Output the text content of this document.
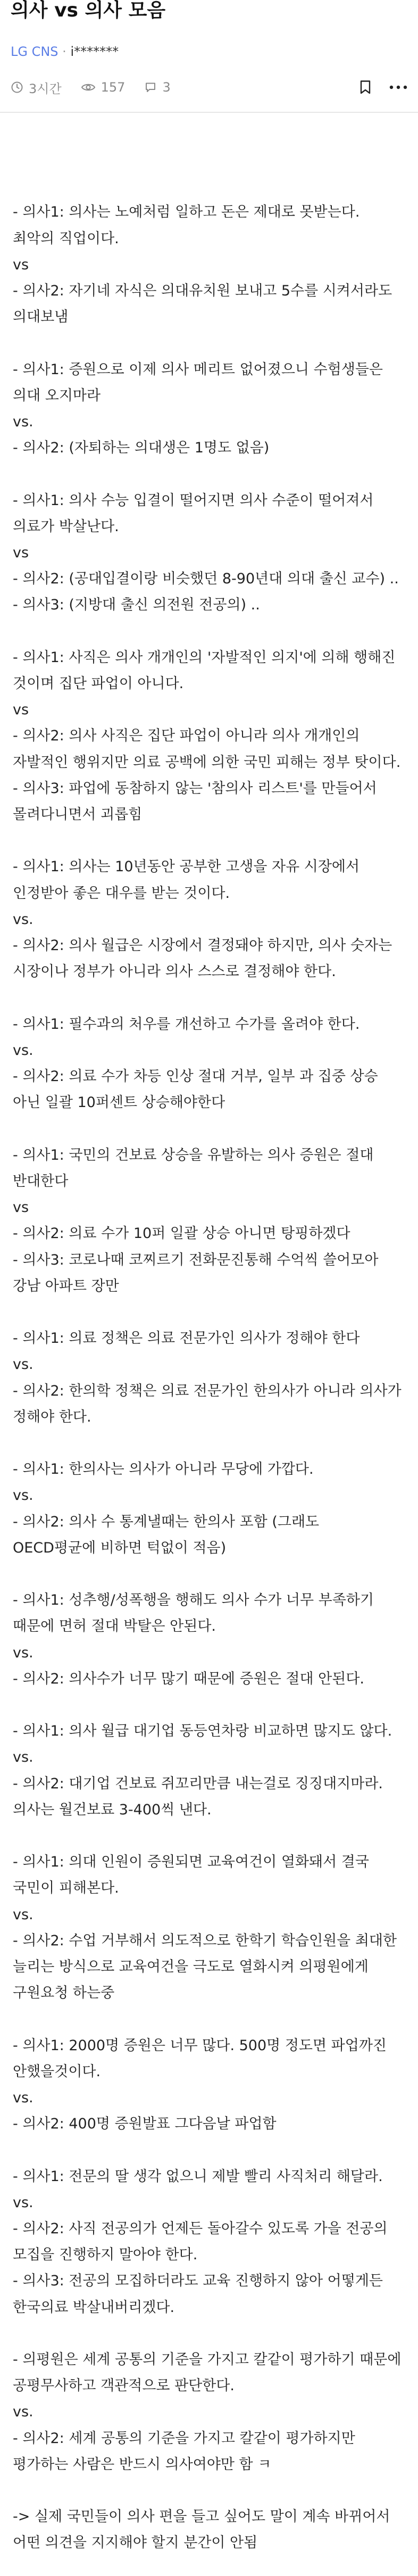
의사 vs 의사 모음
LG CNS · i*******
3시간	157	3

- 의사1: 의사는 노예처럼 일하고 돈은 제대로 못받는다.
최악의 직업이다.
vs
- 의사2: 자기네 자식은 의대유치원 보내고 5수를 시켜서라도 의대보냄

- 의사1: 증원으로 이제 의사 메리트 없어졌으니 수험생들은 의대 오지마라
vs.
- 의사2: (자퇴하는 의대생은 1명도 없음)

- 의사1: 의사 수능 입결이 떨어지면 의사 수준이 떨어져서 의료가 박살난다.
vs
- 의사2: (공대입결이랑 비슷했던 8-90년대 의대 출신 교수) ..
- 의사3: (지방대 출신 의전원 전공의) ..

- 의사1: 사직은 의사 개개인의 '자발적인 의지'에 의해 행해진 것이며 집단 파업이 아니다.
vs
- 의사2: 의사 사직은 집단 파업이 아니라 의사 개개인의 자발적인 행위지만 의료 공백에 의한 국민 피해는 정부 탓이다.
- 의사3: 파업에 동참하지 않는 '참의사 리스트'를 만들어서 몰려다니면서 괴롭힘

- 의사1: 의사는 10년동안 공부한 고생을 자유 시장에서 인정받아 좋은 대우를 받는 것이다.
vs.
- 의사2: 의사 월급은 시장에서 결정돼야 하지만, 의사 숫자는 시장이나 정부가 아니라 의사 스스로 결정해야 한다.

- 의사1: 필수과의 처우를 개선하고 수가를 올려야 한다.
vs.
- 의사2: 의료 수가 차등 인상 절대 거부, 일부 과 집중 상승 아닌 일괄 10퍼센트 상승해야한다

- 의사1: 국민의 건보료 상승을 유발하는 의사 증원은 절대 반대한다
vs
- 의사2: 의료 수가 10퍼 일괄 상승 아니면 탕핑하겠다
- 의사3: 코로나때 코찌르기 전화문진통해 수억씩 쓸어모아 강남 아파트 장만

- 의사1: 의료 정책은 의료 전문가인 의사가 정해야 한다
vs.
- 의사2: 한의학 정책은 의료 전문가인 한의사가 아니라 의사가 정해야 한다.

- 의사1: 한의사는 의사가 아니라 무당에 가깝다.
vs.
- 의사2: 의사 수 통계낼때는 한의사 포함 (그래도 OECD평균에 비하면 턱없이 적음)

- 의사1: 성추행/성폭행을 행해도 의사 수가 너무 부족하기 때문에 면허 절대 박탈은 안된다.
vs.
- 의사2: 의사수가 너무 많기 때문에 증원은 절대 안된다.

- 의사1: 의사 월급 대기업 동등연차랑 비교하면 많지도 않다.
vs.
- 의사2: 대기업 건보료 쥐꼬리만큼 내는걸로 징징대지마라. 의사는 월건보료 3-400씩 낸다.

- 의사1: 의대 인원이 증원되면 교육여건이 열화돼서 결국 국민이 피해본다.
vs.
- 의사2: 수업 거부해서 의도적으로 한학기 학습인원을 최대한 늘리는 방식으로 교육여건을 극도로 열화시켜 의평원에게 구원요청 하는중

- 의사1: 2000명 증원은 너무 많다. 500명 정도면 파업까진 안했을것이다.
vs.
- 의사2: 400명 증원발표 그다음날 파업함

- 의사1: 전문의 딸 생각 없으니 제발 빨리 사직처리 해달라.
vs.
- 의사2: 사직 전공의가 언제든 돌아갈수 있도록 가을 전공의 모집을 진행하지 말아야 한다.
- 의사3: 전공의 모집하더라도 교육 진행하지 않아 어떻게든 한국의료 박살내버리겠다.

- 의평원은 세계 공통의 기준을 가지고 칼같이 평가하기 때문에 공평무사하고 객관적으로 판단한다.
vs.
- 의사2: 세계 공통의 기준을 가지고 칼같이 평가하지만 평가하는 사람은 반드시 의사여야만 함 ㅋ

-> 실제 국민들이 의사 편을 들고 싶어도 말이 계속 바뀌어서 어떤 의견을 지지해야 할지 분간이 안됨
